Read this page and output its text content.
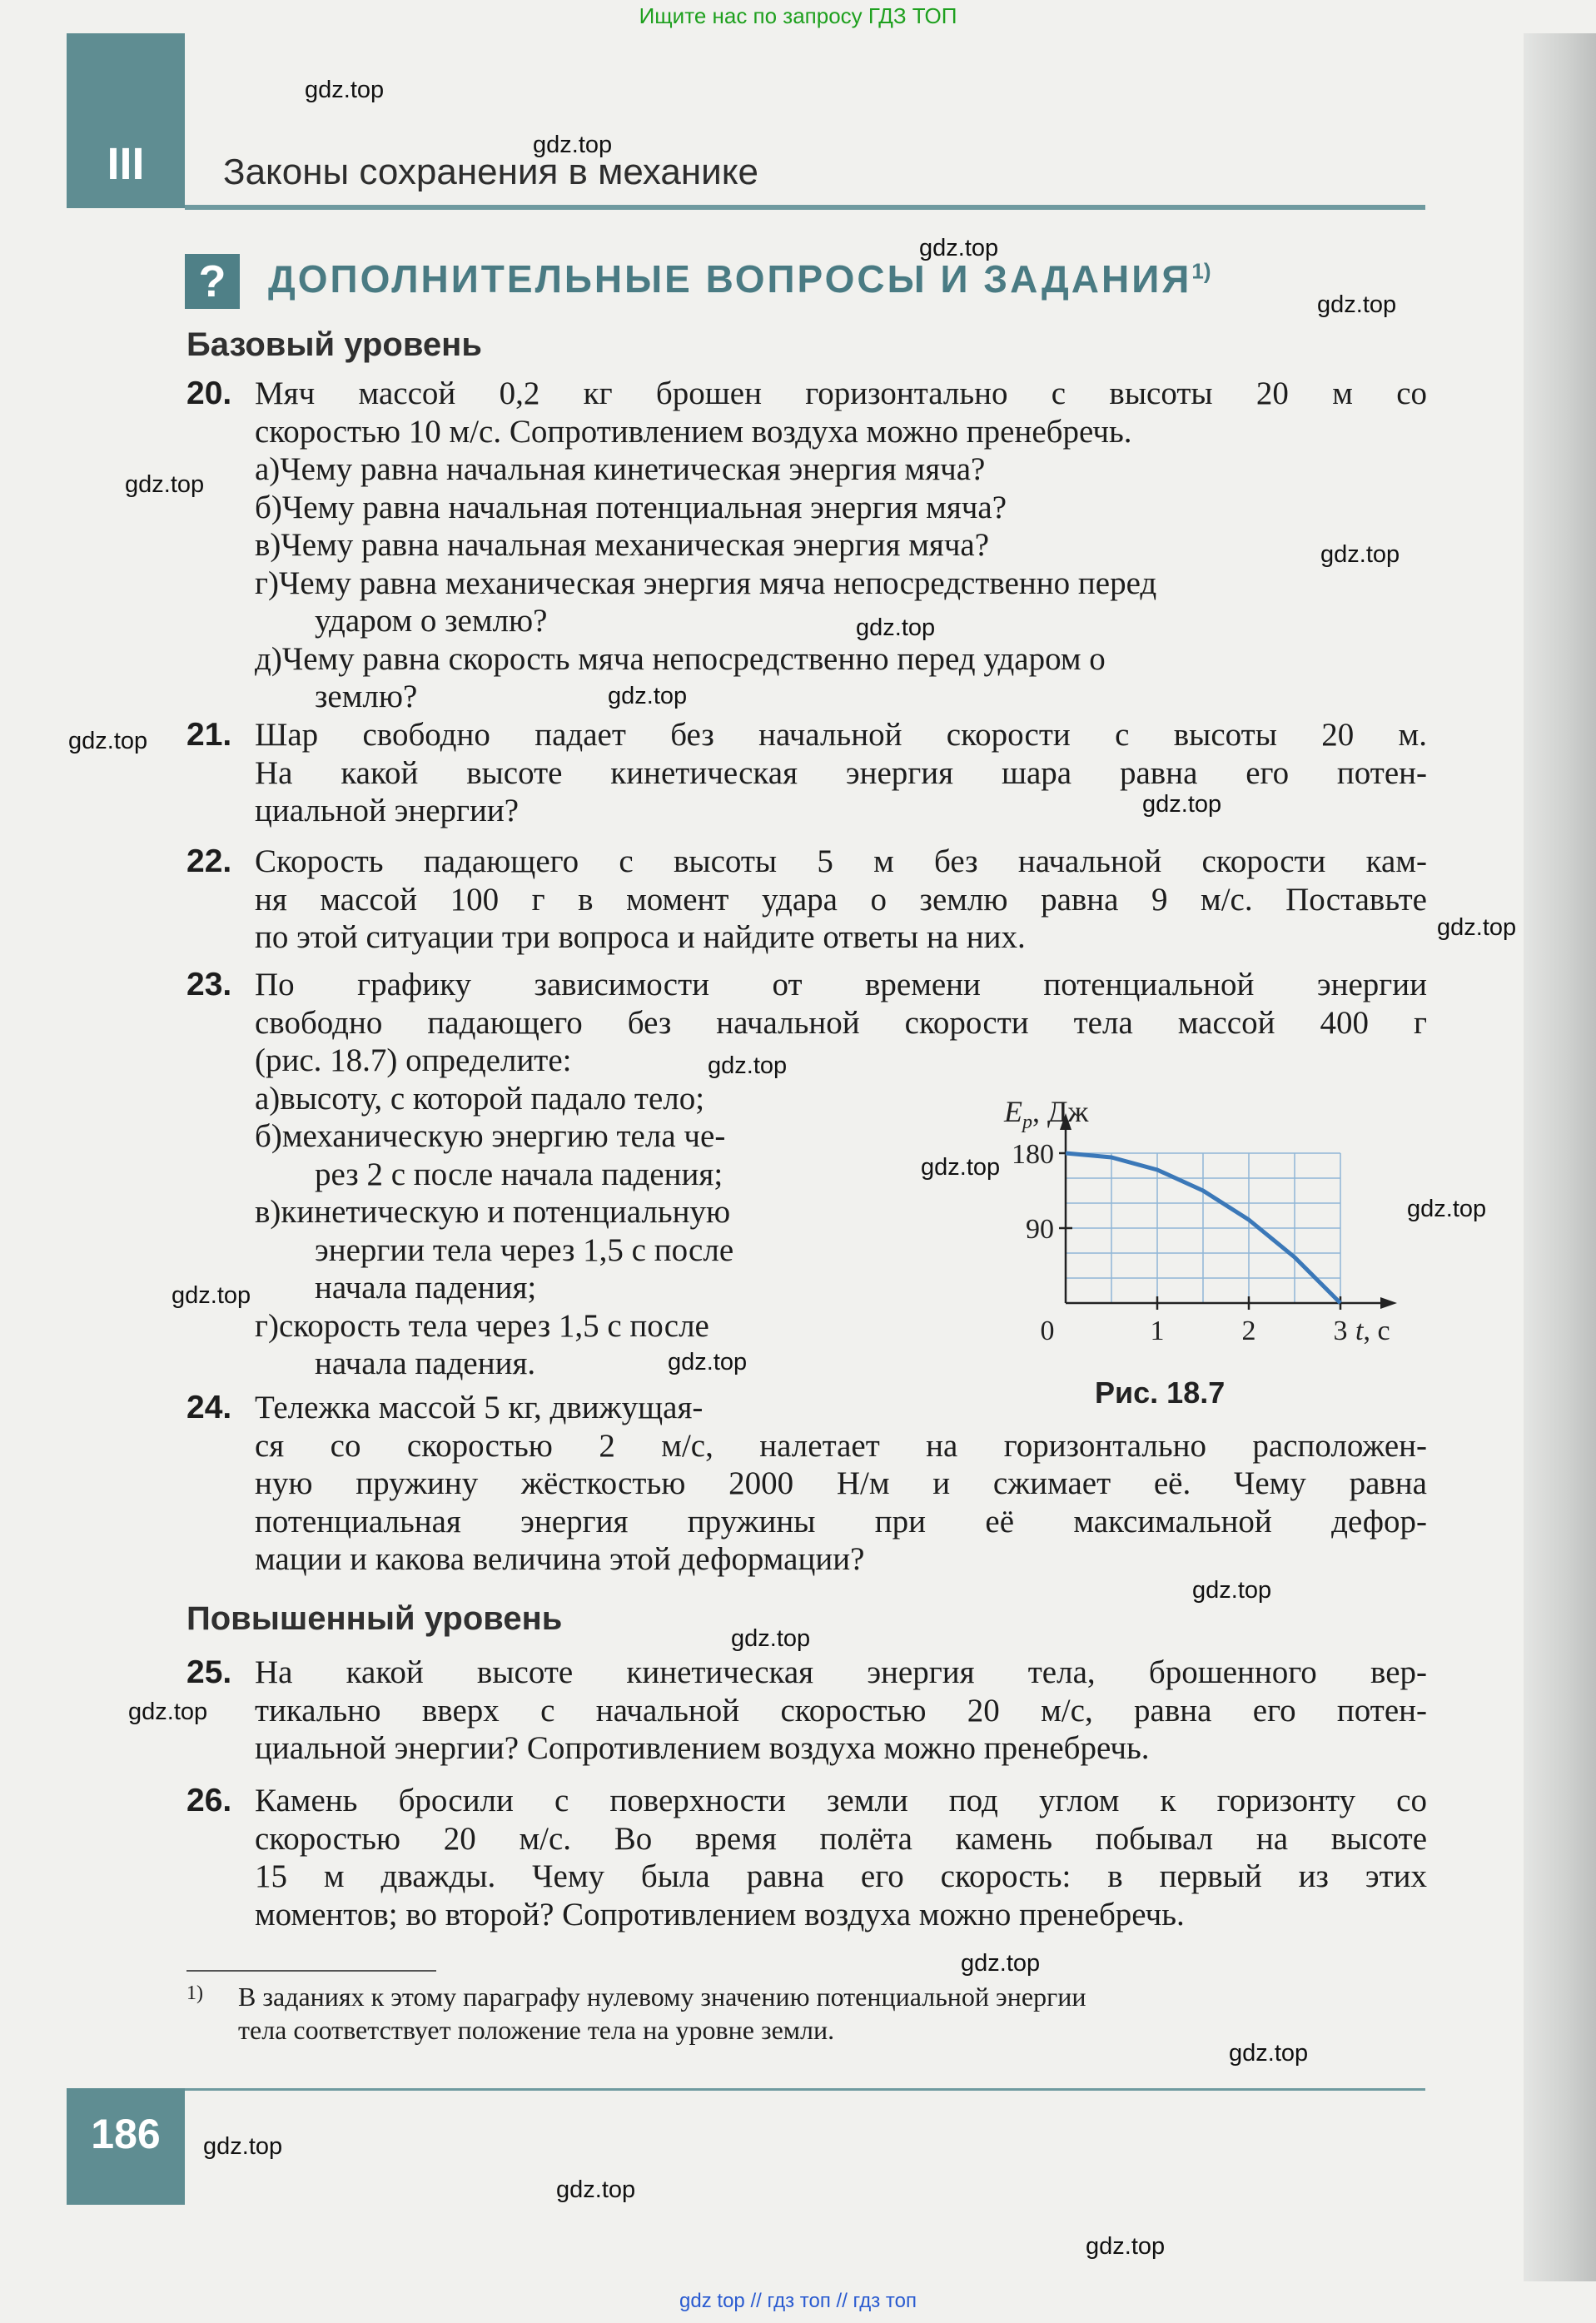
Ищите нас по запросу ГДЗ ТОП
III	Законы сохранения в механике
?	ДОПОЛНИТЕЛЬНЫЕ ВОПРОСЫ И ЗАДАНИЯ$^{1)}$
Базовый уровень
20. Мяч массой 0,2 кг брошен горизонтально с высоты 20 м со
скоростью 10 м/с. Сопротивлением воздуха можно пренебречь.
а)Чему равна начальная кинетическая энергия мяча?
б)Чему равна начальная потенциальная энергия мяча?
в)Чему равна начальная механическая энергия мяча?
г)Чему равна механическая энергия мяча непосредственно перед
ударом о землю?
д)Чему равна скорость мяча непосредственно перед ударом о
землю?
21. Шар свободно падает без начальной скорости с высоты 20 м.
На какой высоте кинетическая энергия шара равна его потен-
циальной энергии?
22. Скорость падающего с высоты 5 м без начальной скорости кам-
ня массой 100 г в момент удара о землю равна 9 м/с. Поставьте
по этой ситуации три вопроса и найдите ответы на них.
23. По графику зависимости от времени потенциальной энергии
свободно падающего без начальной скорости тела массой 400 г
(рис. 18.7) определите:
а)высоту, с которой падало тело;
б)механическую энергию тела че-
рез 2 с после начала падения;
в)кинетическую и потенциальную
энергии тела через 1,5 с после
начала падения;
г)скорость тела через 1,5 с после
начала падения.
90
180
1	2	3
0
$E_p$, Дж
t, с
Рис. 18.7
24. Тележка массой 5 кг, движущая-
ся со скоростью 2 м/с, налетает на горизонтально расположен-
ную пружину жёсткостью 2000 Н/м и сжимает её. Чему равна
потенциальная энергия пружины при её максимальной дефор-
мации и какова величина этой деформации?
Повышенный уровень
25. На какой высоте кинетическая энергия тела, брошенного вер-
тикально вверх с начальной скоростью 20 м/с, равна его потен-
циальной энергии? Сопротивлением воздуха можно пренебречь.
26. Камень бросили с поверхности земли под углом к горизонту со
скоростью 20 м/с. Во время полёта камень побывал на высоте
15 м дважды. Чему была равна его скорость: в первый из этих
моментов; во второй? Сопротивлением воздуха можно пренебречь.
1) В заданиях к этому параграфу нулевому значению потенциальной энергии
тела соответствует положение тела на уровне земли.
186
gdz.top
gdz.top
gdz.top
gdz.top
gdz.top
gdz.top
gdz.top
gdz.top
gdz.top
gdz.top
gdz.top
gdz.top
gdz.top
gdz.top
gdz.top
gdz.top
gdz.top
gdz.top
gdz.top
gdz.top
gdz.top
gdz.top
gdz.top
gdz.top
gdz top // гдз топ // гдз топ
